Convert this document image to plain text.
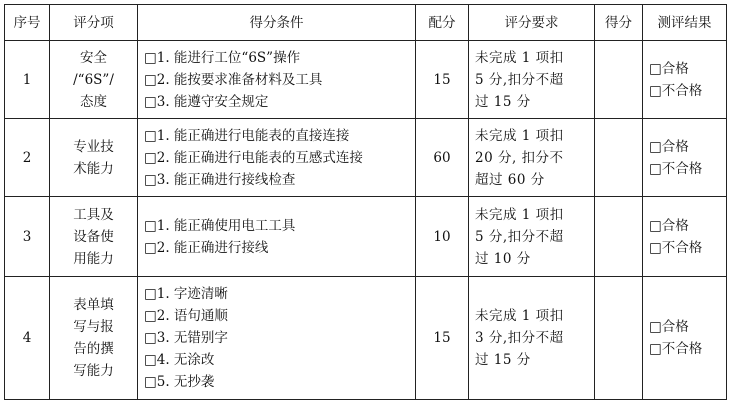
序号	评分项	得分条件	配分	评分要求	得分	测评结果
1	安全
/“6S”/
态度	□1. 能进行工位“6S”操作
□2. 能按要求准备材料及工具
□3. 能遵守安全规定	15	未完成 1 项扣
5 分,扣分不超
过 15 分		□合格
□不合格

2	专业技
术能力	□1. 能正确进行电能表的直接连接
□2. 能正确进行电能表的互感式连接
□3. 能正确进行接线检查	60	未完成 1 项扣
20 分, 扣分不
超过 60 分		□合格
□不合格

3	工具及
设备使
用能力	□1. 能正确使用电工工具
□2. 能正确进行接线	10	未完成 1 项扣
5 分,扣分不超
过 10 分		□合格
□不合格

4	表单填
写与报
告的撰
写能力	□1. 字迹清晰
□2. 语句通顺
□3. 无错别字
□4. 无涂改
□5. 无抄袭	15	未完成 1 项扣
3 分,扣分不超
过 15 分		□合格
□不合格
